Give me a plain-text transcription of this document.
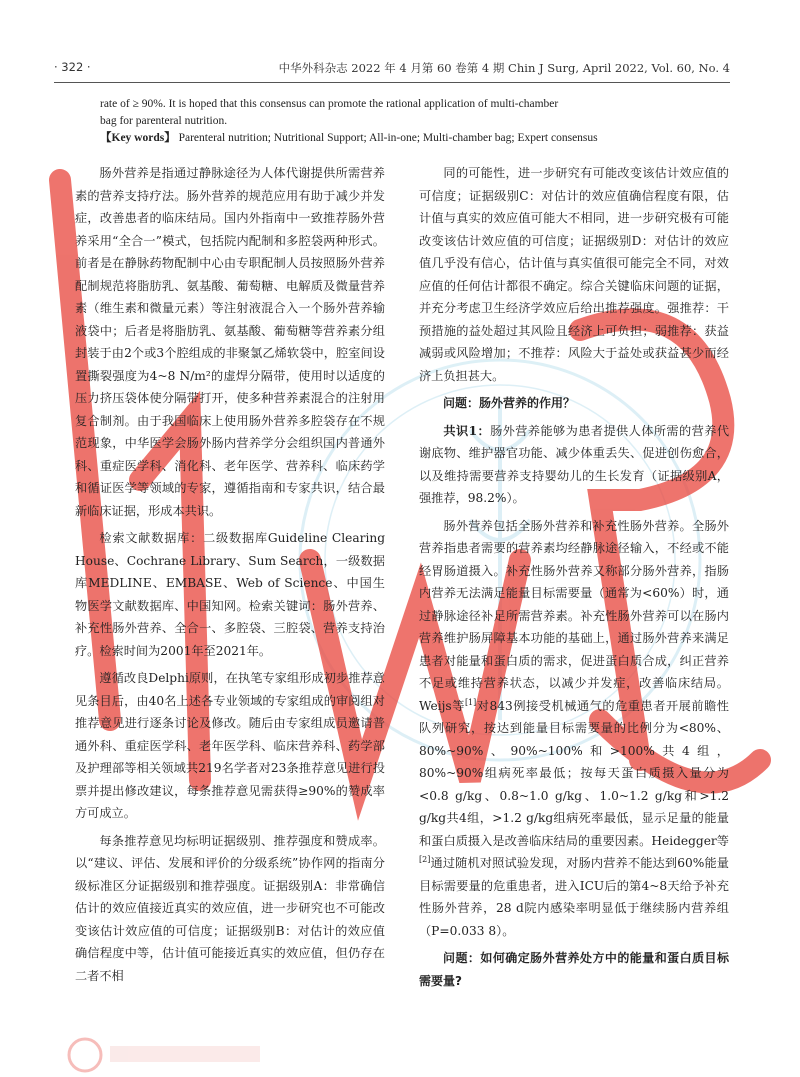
· 322 ·	中华外科杂志 2022 年 4 月第 60 卷第 4 期 Chin J Surg, April 2022, Vol. 60, No. 4

rate of ≥ 90%. It is hoped that this consensus can promote the rational application of multi-chamber

bag for parenteral nutrition.

【Key words】 Parenteral nutrition; Nutritional Support; All-in-one; Multi-chamber bag; Expert consensus

肠外营养是指通过静脉途径为人体代谢提供所需营养素的营养支持疗法。肠外营养的规范应用有助于减少并发症，改善患者的临床结局。国内外指南中一致推荐肠外营养采用“全合一”模式，包括院内配制和多腔袋两种形式。前者是在静脉药物配制中心由专职配制人员按照肠外营养配制规范将脂肪乳、氨基酸、葡萄糖、电解质及微量营养素（维生素和微量元素）等注射液混合入一个肠外营养输液袋中；后者是将脂肪乳、氨基酸、葡萄糖等营养素分组封装于由2个或3个腔组成的非聚氯乙烯软袋中，腔室间设置撕裂强度为4~8 N/m²的虚焊分隔带，使用时以适度的压力挤压袋体使分隔带打开，使多种营养素混合的注射用复合制剂。由于我国临床上使用肠外营养多腔袋存在不规范现象，中华医学会肠外肠内营养学分会组织国内普通外科、重症医学科、消化科、老年医学、营养科、临床药学和循证医学等领域的专家，遵循指南和专家共识，结合最新临床证据，形成本共识。

检索文献数据库：二级数据库Guideline Clearing House、Cochrane Library、Sum Search，一级数据库MEDLINE、EMBASE、Web of Science、中国生物医学文献数据库、中国知网。检索关键词：肠外营养、补充性肠外营养、全合一、多腔袋、三腔袋、营养支持治疗。检索时间为2001年至2021年。

遵循改良Delphi原则，在执笔专家组形成初步推荐意见条目后，由40名上述各专业领域的专家组成的审阅组对推荐意见进行逐条讨论及修改。随后由专家组成员邀请普通外科、重症医学科、老年医学科、临床营养科、药学部及护理部等相关领域共219名学者对23条推荐意见进行投票并提出修改建议，每条推荐意见需获得≥90%的赞成率方可成立。

每条推荐意见均标明证据级别、推荐强度和赞成率。以“建议、评估、发展和评价的分级系统”协作网的指南分级标准区分证据级别和推荐强度。证据级别A：非常确信估计的效应值接近真实的效应值，进一步研究也不可能改变该估计效应值的可信度；证据级别B：对估计的效应值确信程度中等，估计值可能接近真实的效应值，但仍存在二者不相

同的可能性，进一步研究有可能改变该估计效应值的可信度；证据级别C：对估计的效应值确信程度有限，估计值与真实的效应值可能大不相同，进一步研究极有可能改变该估计效应值的可信度；证据级别D：对估计的效应值几乎没有信心，估计值与真实值很可能完全不同，对效应值的任何估计都很不确定。综合关键临床问题的证据，并充分考虑卫生经济学效应后给出推荐强度。强推荐：干预措施的益处超过其风险且经济上可负担；弱推荐：获益减弱或风险增加；不推荐：风险大于益处或获益甚少而经济上负担甚大。

问题：肠外营养的作用？

共识1：肠外营养能够为患者提供人体所需的营养代谢底物、维护器官功能、减少体重丢失、促进创伤愈合，以及维持需要营养支持婴幼儿的生长发育（证据级别A，强推荐，98.2%）。

肠外营养包括全肠外营养和补充性肠外营养。全肠外营养指患者需要的营养素均经静脉途径输入，不经或不能经胃肠道摄入。补充性肠外营养又称部分肠外营养，指肠内营养无法满足能量目标需要量（通常为<60%）时，通过静脉途径补足所需营养素。补充性肠外营养可以在肠内营养维护肠屏障基本功能的基础上，通过肠外营养来满足患者对能量和蛋白质的需求，促进蛋白质合成，纠正营养不足或维持营养状态，以减少并发症，改善临床结局。Weijs等[1]对843例接受机械通气的危重患者开展前瞻性队列研究，按达到能量目标需要量的比例分为<80%、80%~90%、90%~100%和>100%共4组，80%~90%组病死率最低；按每天蛋白质摄入量分为<0.8 g/kg、0.8~1.0 g/kg、1.0~1.2 g/kg和>1.2 g/kg共4组，>1.2 g/kg组病死率最低，显示足量的能量和蛋白质摄入是改善临床结局的重要因素。Heidegger等[2]通过随机对照试验发现，对肠内营养不能达到60%能量目标需要量的危重患者，进入ICU后的第4~8天给予补充性肠外营养，28 d院内感染率明显低于继续肠内营养组（P=0.033 8）。

问题：如何确定肠外营养处方中的能量和蛋白质目标需要量?
